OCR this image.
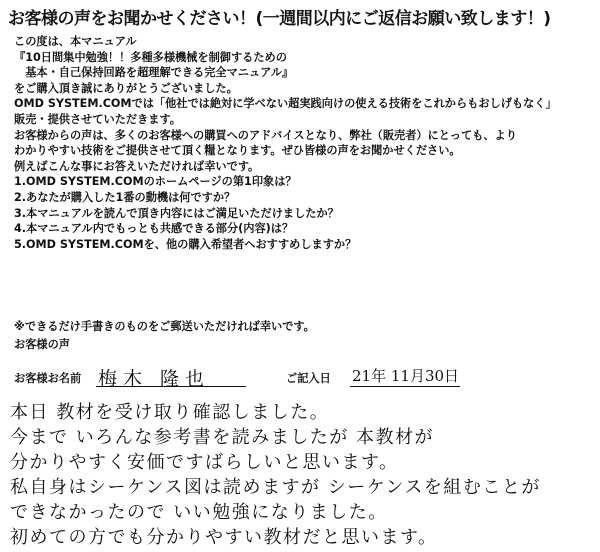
お客様の声をお聞かせください！(一週間以内にご返信お願い致します！)
この度は、本マニュアル
『10日間集中勉強！！多種多様機械を制御するための
　基本・自己保持回路を超理解できる完全マニュアル』
をご購入頂き誠にありがとうございました。
OMD SYSTEM.COMでは「他社では絶対に学べない超実践向けの使える技術をこれからもおしげもなく」
販売・提供させていただきます。
お客様からの声は、多くのお客様への購買へのアドバイスとなり、弊社（販売者）にとっても、より
わかりやすい技術をご提供させて頂く糧となります。ぜひ皆様の声をお聞かせください。
例えばこんな事にお答えいただければ幸いです。
1.OMD SYSTEM.COMのホームページの第1印象は？
2.あなたが購入した1番の動機は何ですか？
3.本マニュアルを読んで頂き内容にはご満足いただけましたか？
4.本マニュアル内でもっとも共感できる部分(内容)は？
5.OMD SYSTEM.COMを、他の購入希望者へおすすめしますか？
※できるだけ手書きのものをご郵送いただければ幸いです。
お客様の声
お客様お名前 梅木 隆也	ご記入日 21年 11月30日
本日 教材を受け取り確認しました。
今まで いろんな参考書を読みましたが 本教材が
分かりやすく安価ですばらしいと思います。
私自身はシーケンス図は読めますが シーケンスを組むことが
できなかったので いい勉強になりました。
初めての方でも分かりやすい教材だと思います。
